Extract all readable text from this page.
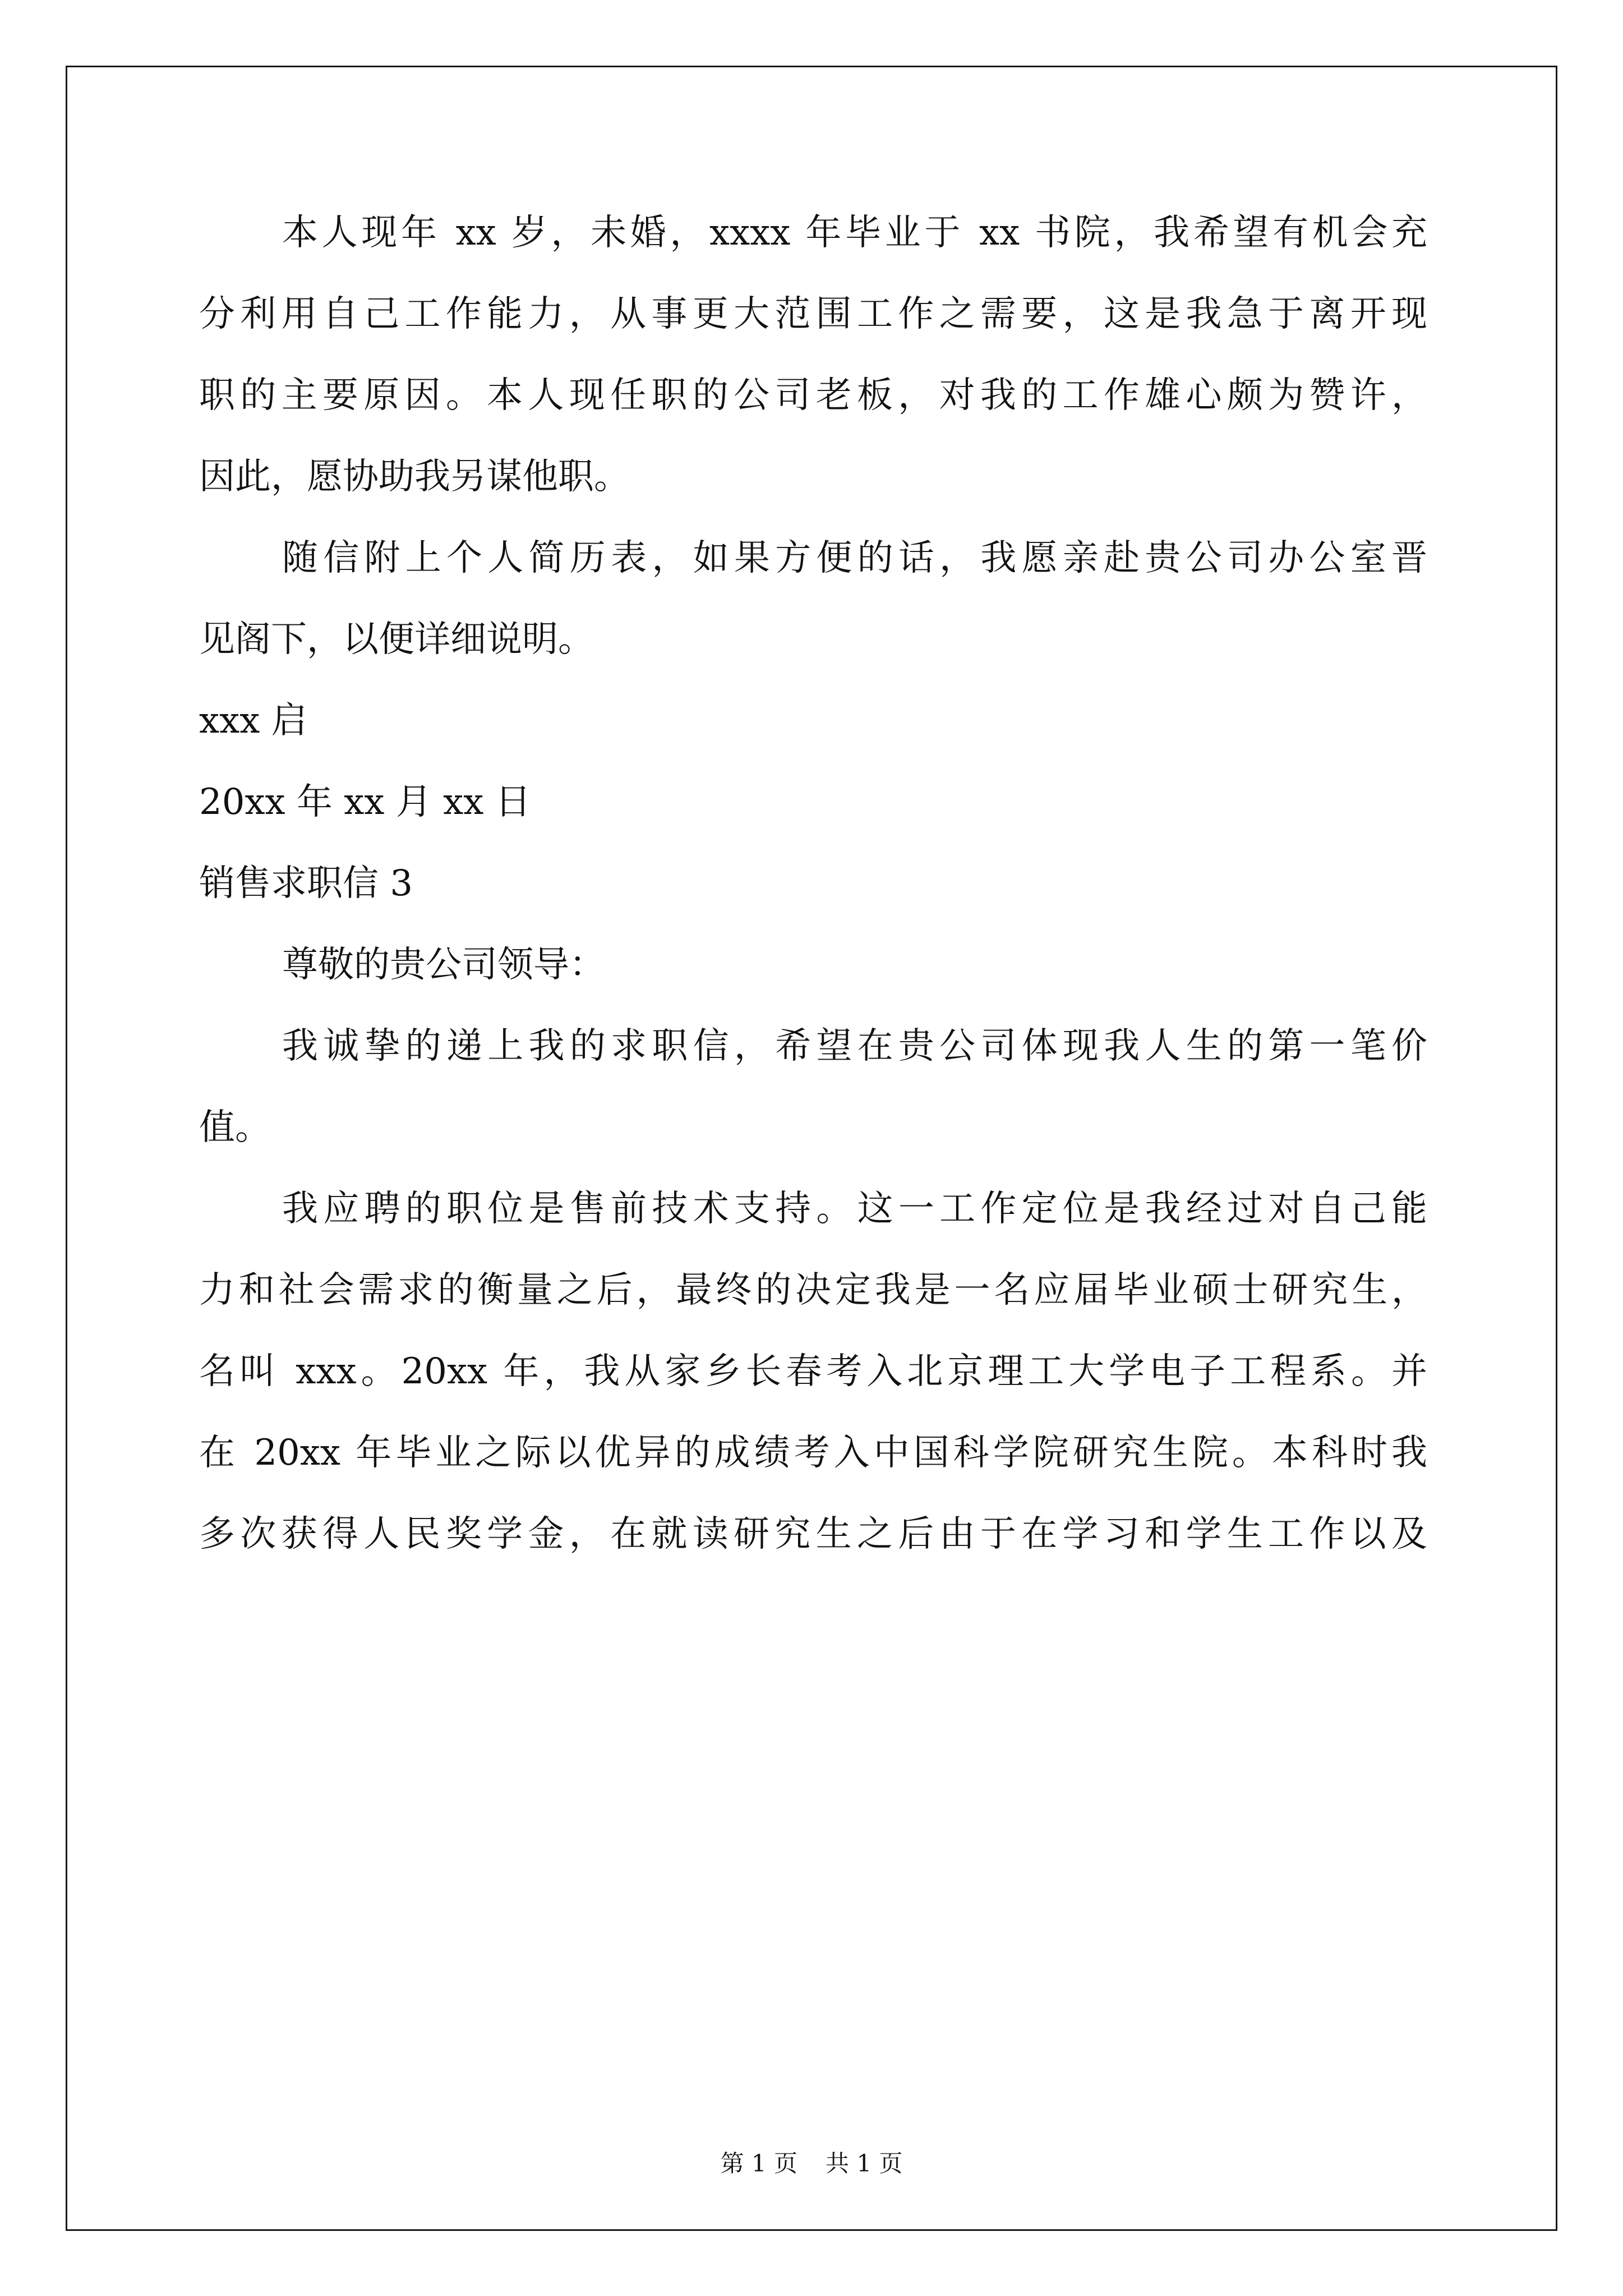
本人现年 xx 岁，未婚，xxxx 年毕业于 xx 书院，我希望有机会充
分利用自己工作能力，从事更大范围工作之需要，这是我急于离开现
职的主要原因。本人现任职的公司老板，对我的工作雄心颇为赞许，
因此，愿协助我另谋他职。
随信附上个人简历表，如果方便的话，我愿亲赴贵公司办公室晋
见阁下，以便详细说明。
xxx 启
20xx 年 xx 月 xx 日
销售求职信 3
尊敬的贵公司领导：
我诚挚的递上我的求职信，希望在贵公司体现我人生的第一笔价
值。
我应聘的职位是售前技术支持。这一工作定位是我经过对自己能
力和社会需求的衡量之后，最终的决定我是一名应届毕业硕士研究生，
名叫 xxx。20xx 年，我从家乡长春考入北京理工大学电子工程系。并
在 20xx 年毕业之际以优异的成绩考入中国科学院研究生院。本科时我
多次获得人民奖学金，在就读研究生之后由于在学习和学生工作以及
第 1 页 共 1 页
